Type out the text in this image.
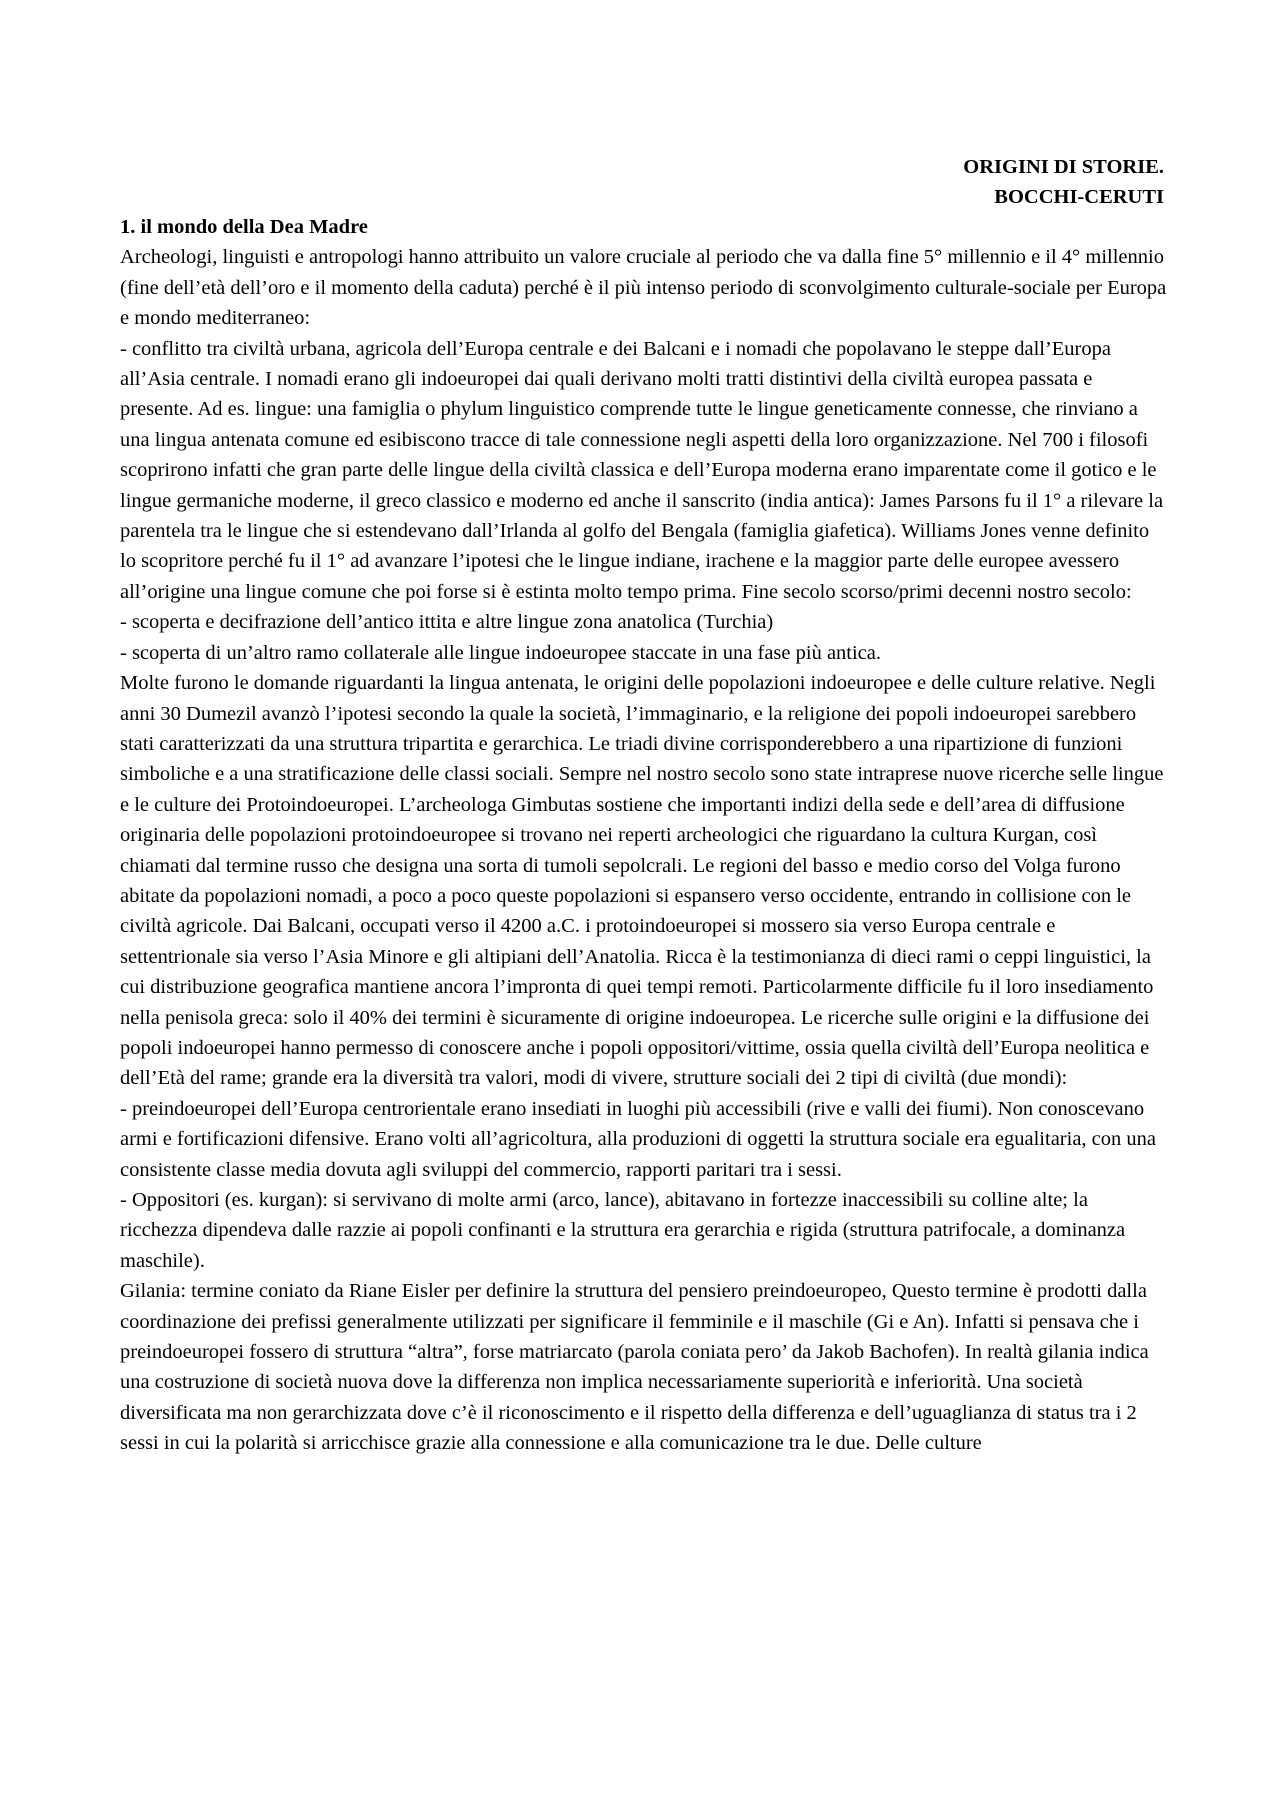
ORIGINI DI STORIE.
BOCCHI-CERUTI

1. il mondo della Dea Madre

Archeologi, linguisti e antropologi hanno attribuito un valore cruciale al periodo che va dalla fine 5° millennio e il 4° millennio (fine dell’età dell’oro e il momento della caduta) perché è il più intenso periodo di sconvolgimento culturale-sociale per Europa e mondo mediterraneo:

- conflitto tra civiltà urbana, agricola dell’Europa centrale e dei Balcani e i nomadi che popolavano le steppe dall’Europa all’Asia centrale. I nomadi erano gli indoeuropei dai quali derivano molti tratti distintivi della civiltà europea passata e presente. Ad es. lingue: una famiglia o phylum linguistico comprende tutte le lingue geneticamente connesse, che rinviano a una lingua antenata comune ed esibiscono tracce di tale connessione negli aspetti della loro organizzazione. Nel 700 i filosofi scoprirono infatti che gran parte delle lingue della civiltà classica e dell’Europa moderna erano imparentate come il gotico e le lingue germaniche moderne, il greco classico e moderno ed anche il sanscrito (india antica): James Parsons fu il 1° a rilevare la parentela tra le lingue che si estendevano dall’Irlanda al golfo del Bengala (famiglia giafetica). Williams Jones venne definito lo scopritore perché fu il 1° ad avanzare l’ipotesi che le lingue indiane, irachene e la maggior parte delle europee avessero all’origine una lingue comune che poi forse si è estinta molto tempo prima. Fine secolo scorso/primi decenni nostro secolo:

- scoperta e decifrazione dell’antico ittita e altre lingue zona anatolica (Turchia)

- scoperta di un’altro ramo collaterale alle lingue indoeuropee staccate in una fase più antica.

Molte furono le domande riguardanti la lingua antenata, le origini delle popolazioni indoeuropee e delle culture relative. Negli anni 30 Dumezil avanzò l’ipotesi secondo la quale la società, l’immaginario, e la religione dei popoli indoeuropei sarebbero stati caratterizzati da una struttura tripartita e gerarchica. Le triadi divine corrisponderebbero a una ripartizione di funzioni simboliche e a una stratificazione delle classi sociali. Sempre nel nostro secolo sono state intraprese nuove ricerche selle lingue e le culture dei Protoindoeuropei. L’archeologa Gimbutas sostiene che importanti indizi della sede e dell’area di diffusione originaria delle popolazioni protoindoeuropee si trovano nei reperti archeologici che riguardano la cultura Kurgan, così chiamati dal termine russo che designa una sorta di tumoli sepolcrali. Le regioni del basso e medio corso del Volga furono abitate da popolazioni nomadi, a poco a poco queste popolazioni si espansero verso occidente, entrando in collisione con le civiltà agricole. Dai Balcani, occupati verso il 4200 a.C. i protoindoeuropei si mossero sia verso Europa centrale e settentrionale sia verso l’Asia Minore e gli altipiani dell’Anatolia. Ricca è la testimonianza di dieci rami o ceppi linguistici, la cui distribuzione geografica mantiene ancora l’impronta di quei tempi remoti. Particolarmente difficile fu il loro insediamento nella penisola greca: solo il 40% dei termini è sicuramente di origine indoeuropea. Le ricerche sulle origini e la diffusione dei popoli indoeuropei hanno permesso di conoscere anche i popoli oppositori/vittime, ossia quella civiltà dell’Europa neolitica e dell’Età del rame; grande era la diversità tra valori, modi di vivere, strutture sociali dei 2 tipi di civiltà (due mondi):

- preindoeuropei dell’Europa centrorientale erano insediati in luoghi più accessibili (rive e valli dei fiumi). Non conoscevano armi e fortificazioni difensive. Erano volti all’agricoltura, alla produzioni di oggetti la struttura sociale era egualitaria, con una consistente classe media dovuta agli sviluppi del commercio, rapporti paritari tra i sessi.

- Oppositori (es. kurgan): si servivano di molte armi (arco, lance), abitavano in fortezze inaccessibili su colline alte; la ricchezza dipendeva dalle razzie ai popoli confinanti e la struttura era gerarchia e rigida (struttura patrifocale, a dominanza maschile).

Gilania: termine coniato da Riane Eisler per definire la struttura del pensiero preindoeuropeo, Questo termine è prodotti dalla coordinazione dei prefissi generalmente utilizzati per significare il femminile e il maschile (Gi e An). Infatti si pensava che i preindoeuropei fossero di struttura “altra”, forse matriarcato (parola coniata pero’ da Jakob Bachofen). In realtà gilania indica una costruzione di società nuova dove la differenza non implica necessariamente superiorità e inferiorità. Una società diversificata ma non gerarchizzata dove c’è il riconoscimento e il rispetto della differenza e dell’uguaglianza di status tra i 2 sessi in cui la polarità si arricchisce grazie alla connessione e alla comunicazione tra le due. Delle culture
